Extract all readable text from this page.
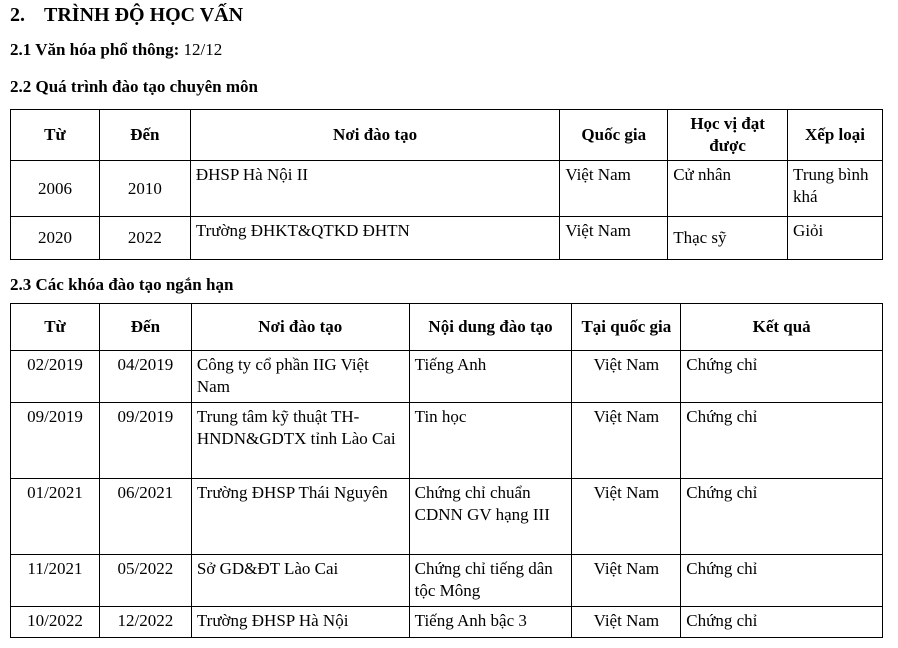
2. TRÌNH ĐỘ HỌC VẤN

2.1 Văn hóa phổ thông: 12/12

2.2 Quá trình đào tạo chuyên môn

Từ	Đến	Nơi đào tạo	Quốc gia	Học vị đạt được	Xếp loại
2006	2010	ĐHSP Hà Nội II	Việt Nam	Cử nhân	Trung bình khá
2020	2022	Trường ĐHKT&QTKD ĐHTN	Việt Nam	Thạc sỹ	Giỏi

2.3 Các khóa đào tạo ngắn hạn

Từ	Đến	Nơi đào tạo	Nội dung đào tạo	Tại quốc gia	Kết quả
02/2019	04/2019	Công ty cổ phần IIG Việt Nam	Tiếng Anh	Việt Nam	Chứng chỉ
09/2019	09/2019	Trung tâm kỹ thuật TH-HNDN&GDTX tỉnh Lào Cai	Tin học	Việt Nam	Chứng chỉ
01/2021	06/2021	Trường ĐHSP Thái Nguyên	Chứng chỉ chuẩn CDNN GV hạng III	Việt Nam	Chứng chỉ
11/2021	05/2022	Sở GD&ĐT Lào Cai	Chứng chỉ tiếng dân tộc Mông	Việt Nam	Chứng chỉ
10/2022	12/2022	Trường ĐHSP Hà Nội	Tiếng Anh bậc 3	Việt Nam	Chứng chỉ
